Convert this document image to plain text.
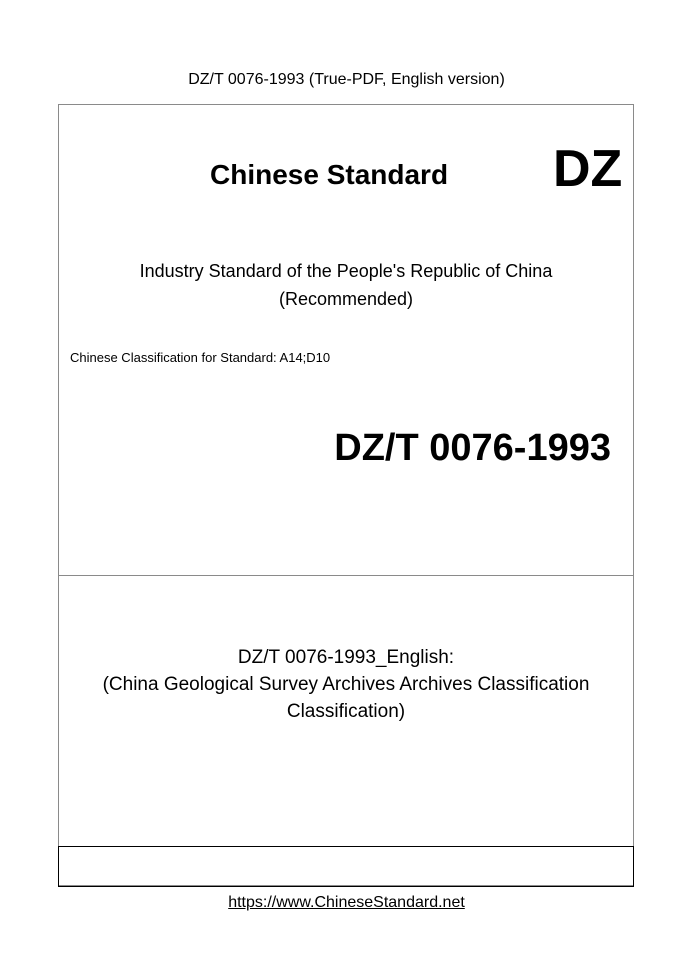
DZ/T 0076-1993 (True-PDF, English version)
Chinese Standard DZ
Industry Standard of the People's Republic of China
(Recommended)
Chinese Classification for Standard: A14;D10
DZ/T 0076-1993
DZ/T 0076-1993_English:
(China Geological Survey Archives Archives Classification
Classification)
https://www.ChineseStandard.net
